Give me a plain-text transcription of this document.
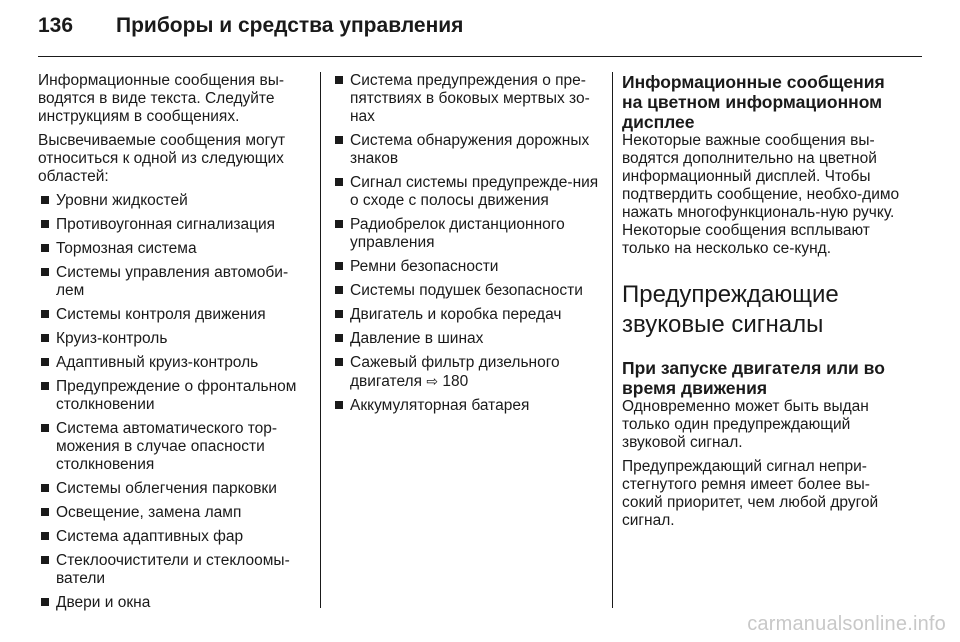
136	Приборы и средства управления

Информационные сообщения вы-водятся в виде текста. Следуйте инструкциям в сообщениях.

Высвечиваемые сообщения могут относиться к одной из следующих областей:

Уровни жидкостей
Противоугонная сигнализация
Тормозная система
Системы управления автомоби-лем
Системы контроля движения
Круиз-контроль
Адаптивный круиз-контроль
Предупреждение о фронтальном столкновении
Система автоматического тор-можения в случае опасности столкновения
Системы облегчения парковки
Освещение, замена ламп
Система адаптивных фар
Стеклоочистители и стеклоомы-ватели
Двери и окна
Система предупреждения о пре-пятствиях в боковых мертвых зо-нах
Система обнаружения дорожных знаков
Сигнал системы предупрежде-ния о сходе с полосы движения
Радиобрелок дистанционного управления
Ремни безопасности
Системы подушек безопасности
Двигатель и коробка передач
Давление в шинах
Сажевый фильтр дизельного двигателя ⇨ 180
Аккумуляторная батарея
Информационные сообщения на цветном информационном дисплее

Некоторые важные сообщения вы-водятся дополнительно на цветной информационный дисплей. Чтобы подтвердить сообщение, необхо-димо нажать многофункциональ-ную ручку. Некоторые сообщения всплывают только на несколько се-кунд.

Предупреждающие звуковые сигналы
При запуске двигателя или во время движения

Одновременно может быть выдан только один предупреждающий звуковой сигнал.

Предупреждающий сигнал непри-стегнутого ремня имеет более вы-сокий приоритет, чем любой другой сигнал.

carmanualsonline.info
